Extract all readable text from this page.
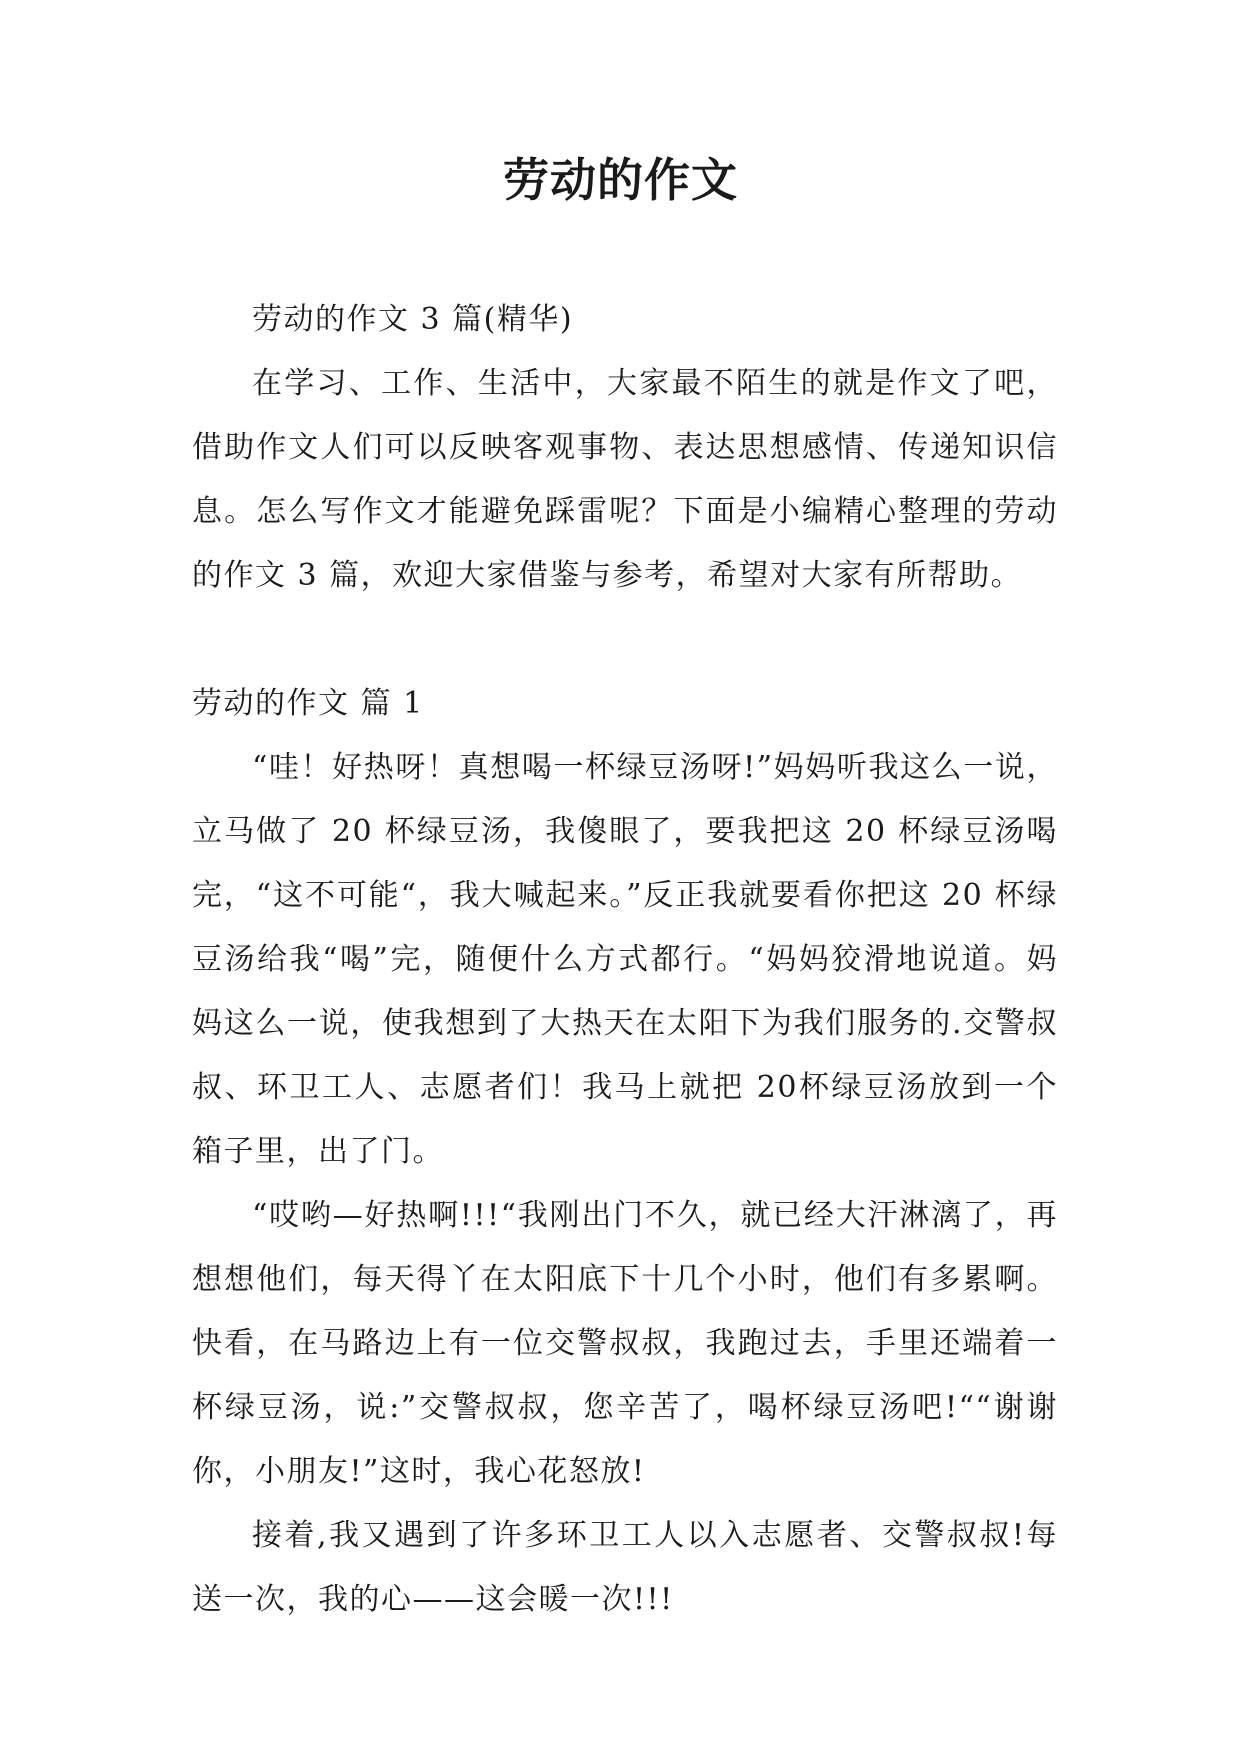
劳动的作文

劳动的作文 3 篇(精华)

在学习、工作、生活中，大家最不陌生的就是作文了吧，借助作文人们可以反映客观事物、表达思想感情、传递知识信息。怎么写作文才能避免踩雷呢？下面是小编精心整理的劳动的作文 3 篇，欢迎大家借鉴与参考，希望对大家有所帮助。

劳动的作文 篇 1

“哇！好热呀！真想喝一杯绿豆汤呀!”妈妈听我这么一说，立马做了 20 杯绿豆汤，我傻眼了，要我把这 20 杯绿豆汤喝完，“这不可能“，我大喊起来。”反正我就要看你把这 20 杯绿豆汤给我“喝”完，随便什么方式都行。“妈妈狡滑地说道。妈妈这么一说，使我想到了大热天在太阳下为我们服务的.交警叔叔、环卫工人、志愿者们！我马上就把 20杯绿豆汤放到一个箱子里，出了门。

“哎哟—好热啊!!!“我刚出门不久，就已经大汗淋漓了，再想想他们，每天得丫在太阳底下十几个小时，他们有多累啊。快看，在马路边上有一位交警叔叔，我跑过去，手里还端着一杯绿豆汤，说:”交警叔叔，您辛苦了，喝杯绿豆汤吧!““谢谢你，小朋友!”这时，我心花怒放!

接着,我又遇到了许多环卫工人以入志愿者、交警叔叔!每送一次，我的心——这会暖一次!!!
